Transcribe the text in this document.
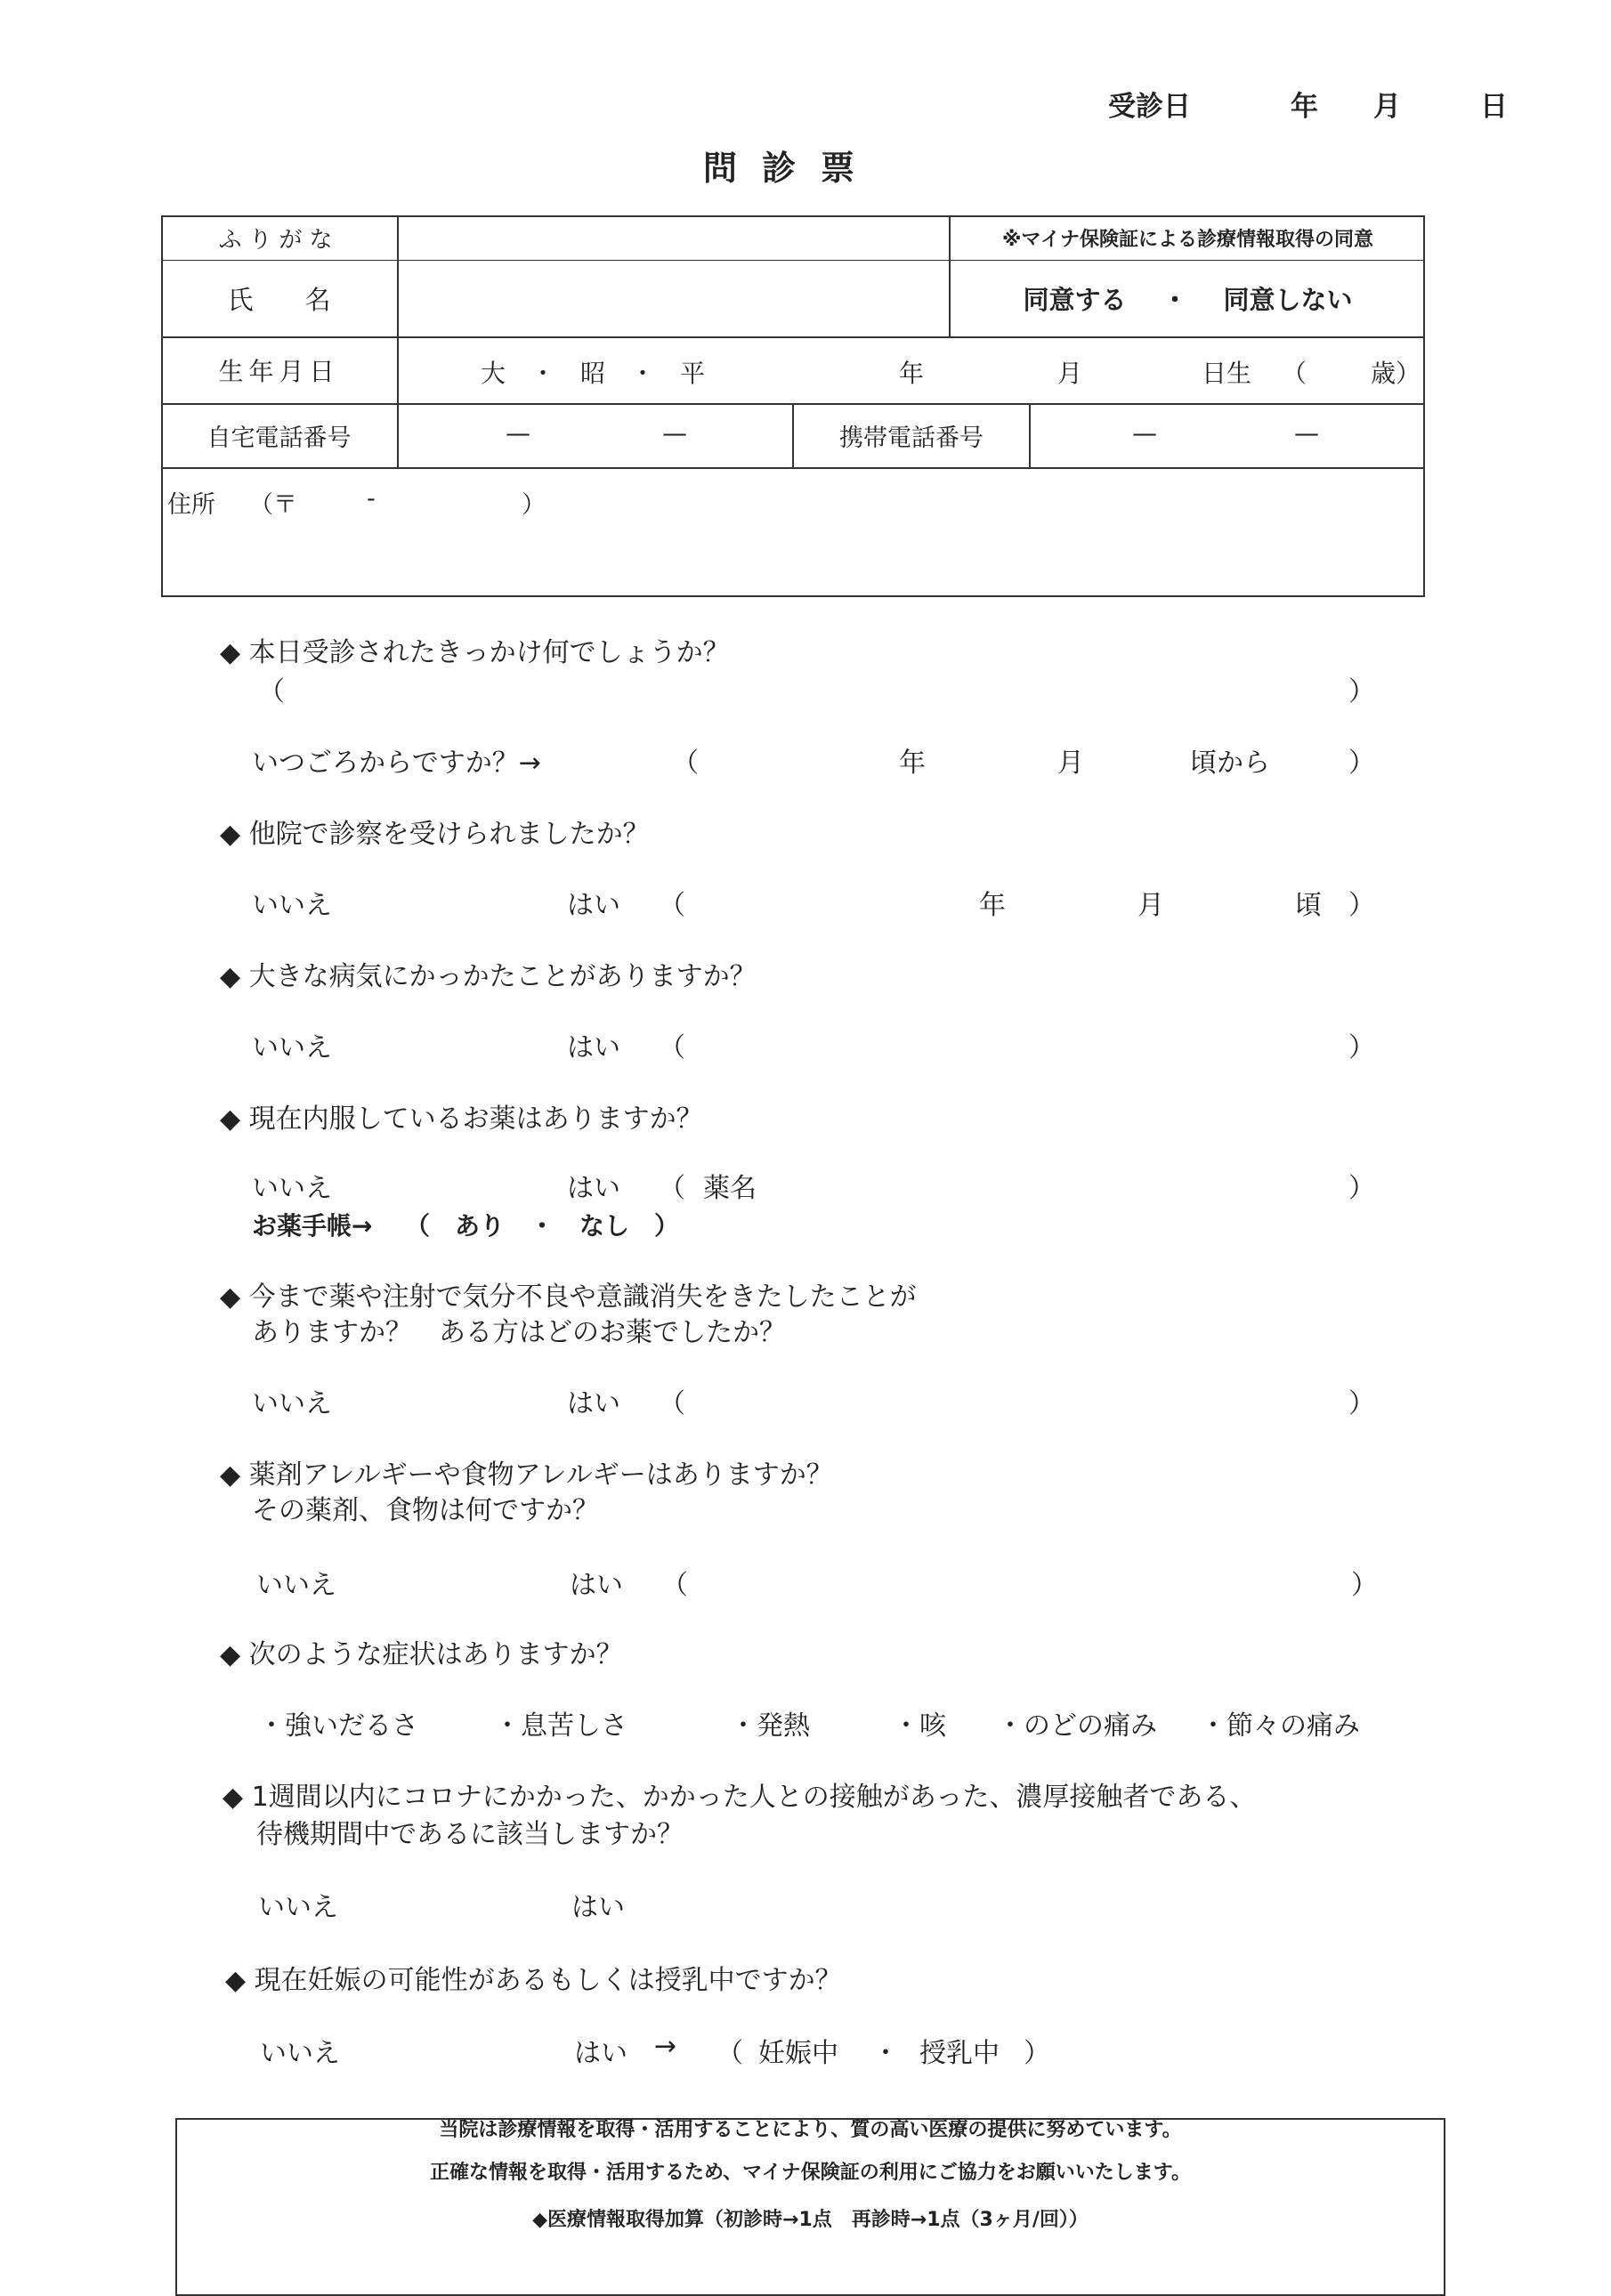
受診日	年 月	日
問診票
ふりがな	※マイナ保険証による診療情報取得の同意
氏　　名	同意する ・ 同意しない
生年月日	大　・　昭　・　平	年	月	日生 （	歳）
自宅電話番号	—	—	携帯電話番号	—	—
住所 （〒	-	）
◆ 本日受診されたきっかけ何でしょうか？
（	）
いつごろからですか？→	（	年	月	頃から	）
◆ 他院で診察を受けられましたか？
いいえ	はい （	年	月	頃 ）
◆ 大きな病気にかっかたことがありますか？
いいえ	はい （	）
◆ 現在内服しているお薬はありますか？
いいえ	はい （ 薬名	）
お薬手帳→ （　あり　・　なし　）
◆ 今まで薬や注射で気分不良や意識消失をきたしたことが
ありますか？　ある方はどのお薬でしたか？
いいえ	はい （	）
◆ 薬剤アレルギーや食物アレルギーはありますか？
その薬剤、食物は何ですか？
いいえ	はい （	）
◆ 次のような症状はありますか？
・強いだるさ	・息苦しさ	・発熱	・咳 ・のどの痛み ・節々の痛み
◆ 1週間以内にコロナにかかった、かかった人との接触があった、濃厚接触者である、
待機期間中であるに該当しますか？
いいえ	はい
◆ 現在妊娠の可能性があるもしくは授乳中ですか？
いいえ	はい → （ 妊娠中 ・ 授乳中 ）
当院は診療情報を取得・活用することにより、質の高い医療の提供に努めています。
正確な情報を取得・活用するため、マイナ保険証の利用にご協力をお願いいたします。
◆医療情報取得加算（初診時→1点　再診時→1点（3ヶ月/回））
